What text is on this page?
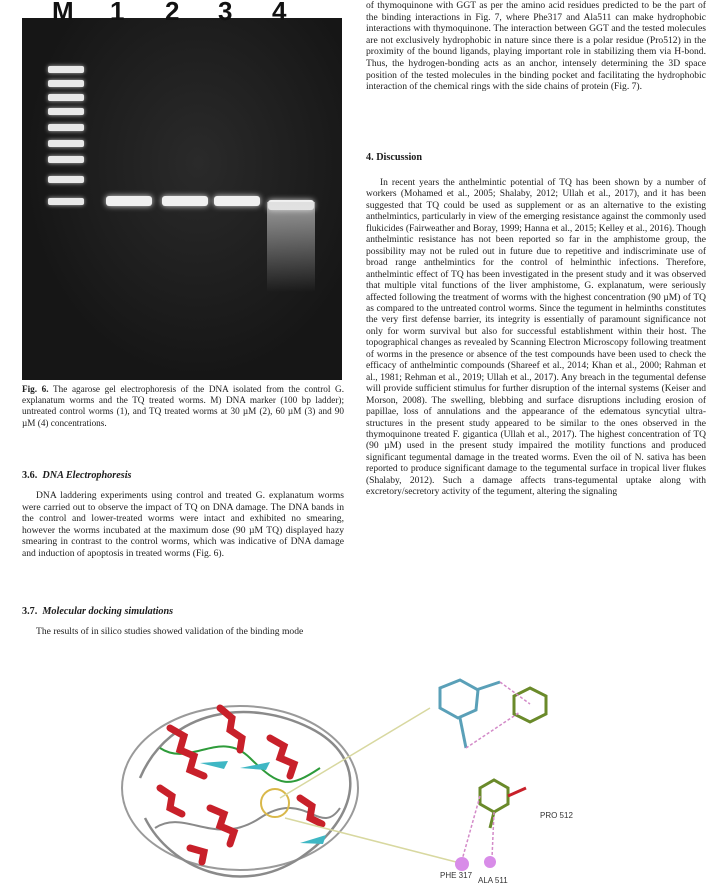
M 1 2 3 4
Fig. 6. The agarose gel electrophoresis of the DNA isolated from the control G. explanatum worms and the TQ treated worms. M) DNA marker (100 bp ladder); untreated control worms (1), and TQ treated worms at 30 µM (2), 60 µM (3) and 90 µM (4) concentrations.
3.6. DNA Electrophoresis

DNA laddering experiments using control and treated G. explanatum worms were carried out to observe the impact of TQ on DNA damage. The DNA bands in the control and lower-treated worms were intact and exhibited no smearing, however the worms incubated at the maximum dose (90 µM TQ) displayed hazy smearing in contrast to the control worms, which was indicative of DNA damage and induction of apoptosis in treated worms (Fig. 6).

3.7. Molecular docking simulations

The results of in silico studies showed validation of the binding mode

of thymoquinone with GGT as per the amino acid residues predicted to be the part of the binding interactions in Fig. 7, where Phe317 and Ala511 can make hydrophobic interactions with thymoquinone. The interaction between GGT and the tested molecules are not exclusively hydrophobic in nature since there is a polar residue (Pro512) in the proximity of the bound ligands, playing important role in stabilizing them via H-bond. Thus, the hydrogen-bonding acts as an anchor, intensely determining the 3D space position of the tested molecules in the binding pocket and facilitating the hydrophobic interaction of the chemical rings with the side chains of protein (Fig. 7).

4. Discussion

In recent years the anthelmintic potential of TQ has been shown by a number of workers (Mohamed et al., 2005; Shalaby, 2012; Ullah et al., 2017), and it has been suggested that TQ could be used as supplement or as an alternative to the existing anthelmintics, particularly in view of the emerging resistance against the commonly used flukicides (Fairweather and Boray, 1999; Hanna et al., 2015; Kelley et al., 2016). Though anthelmintic resistance has not been reported so far in the amphistome group, the possibility may not be ruled out in future due to repetitive and indiscriminate use of broad range anthelmintics for the control of helminthic infections. Therefore, anthelmintic effect of TQ has been investigated in the present study and it was observed that multiple vital functions of the liver amphistome, G. explanatum, were seriously affected following the treatment of worms with the highest concentration (90 µM) of TQ as compared to the untreated control worms. Since the tegument in helminths constitutes the very first defense barrier, its integrity is essentially of paramount significance not only for worm survival but also for successful establishment within their host. The topographical changes as revealed by Scanning Electron Microscopy following treatment of worms in the presence or absence of the test compounds have been used to check the efficacy of anthelmintic compounds (Shareef et al., 2014; Khan et al., 2000; Rahman et al., 1981; Rehman et al., 2019; Ullah et al., 2017). Any breach in the tegumental defense will provide sufficient stimulus for further disruption of the internal systems (Keiser and Morson, 2008). The swelling, blebbing and surface disruptions including erosion of papillae, loss of annulations and the appearance of the edematous syncytial ultra-structures in the present study appeared to be similar to the ones observed in the thymoquinone treated F. gigantica (Ullah et al., 2017). The highest concentration of TQ (90 µM) used in the present study impaired the motility functions and produced significant tegumental damage in the treated worms. Even the oil of N. sativa has been reported to produce significant damage to the tegumental surface in tropical liver flukes (Shalaby, 2012). Such a damage affects trans-tegumental uptake along with excretory/secretory activity of the tegument, altering the signaling

PRO 512
PHE 317
ALA 511
